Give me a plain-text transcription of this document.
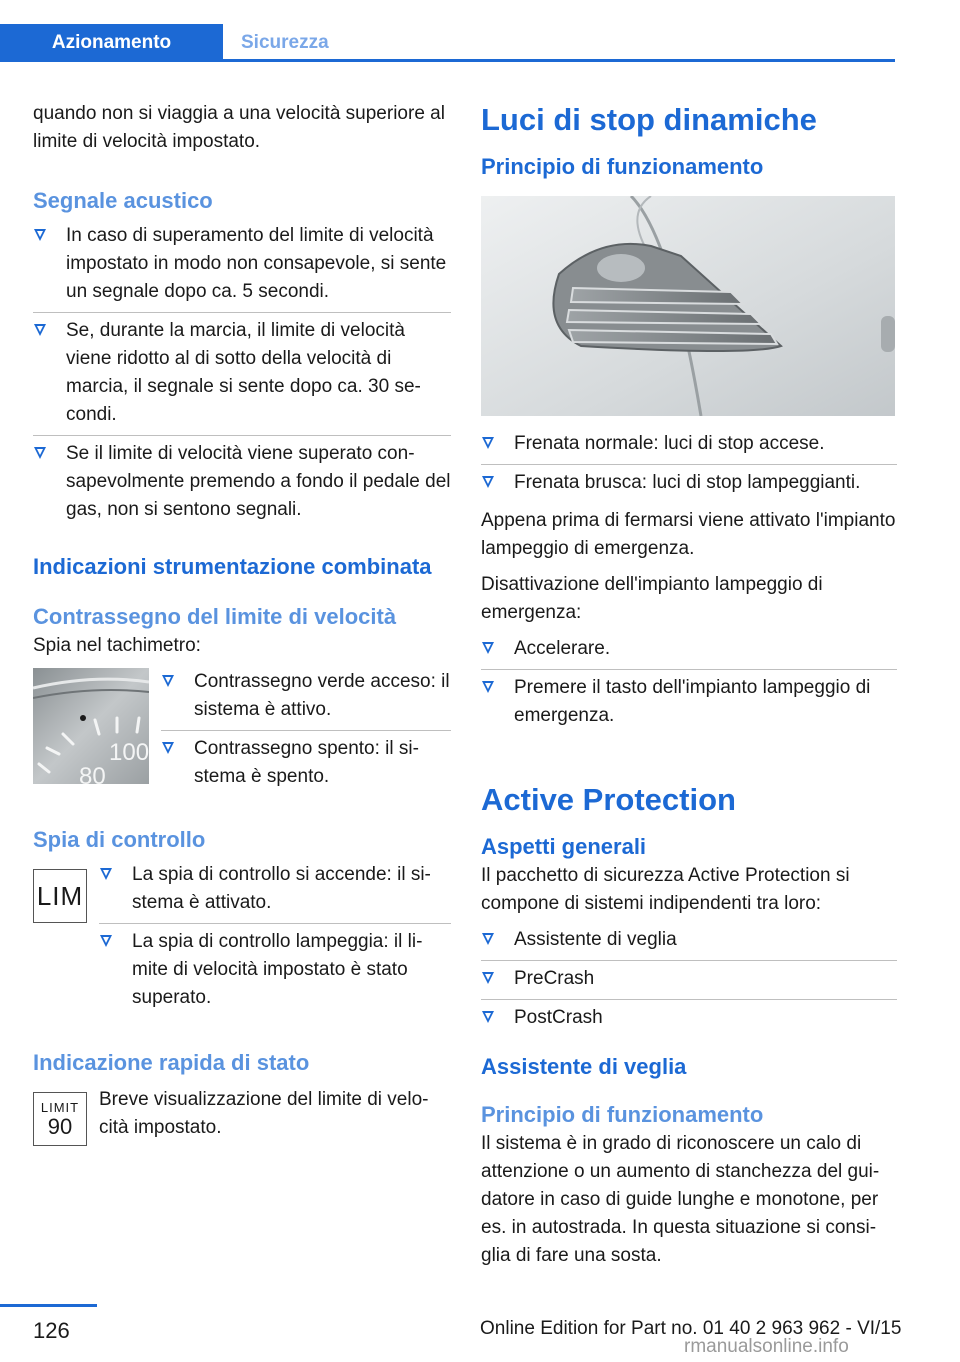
Azionamento	Sicurezza

quando non si viaggia a una velocità superiore al limite di velocità impostato.

Segnale acustico
In caso di superamento del limite di velocità impostato in modo non consapevole, si sente un segnale dopo ca. 5 secondi.
Se, durante la marcia, il limite di velocità viene ridotto al di sotto della velocità di marcia, il segnale si sente dopo ca. 30 secondi.
Se il limite di velocità viene superato consapevolmente premendo a fondo il pedale del gas, non si sentono segnali.
Indicazioni strumentazione combinata
Contrassegno del limite di velocità

Spia nel tachimetro:

100
80
Contrassegno verde acceso: il sistema è attivo.
Contrassegno spento: il sistema è spento.
Spia di controllo
LIM
La spia di controllo si accende: il sistema è attivato.
La spia di controllo lampeggia: il limite di velocità impostato è stato superato.
Indicazione rapida di stato
LIMIT
90

Breve visualizzazione del limite di velocità impostato.

Luci di stop dinamiche
Principio di funzionamento
Frenata normale: luci di stop accese.
Frenata brusca: luci di stop lampeggianti.

Appena prima di fermarsi viene attivato l'impianto lampeggio di emergenza.

Disattivazione dell'impianto lampeggio di emergenza:

Accelerare.
Premere il tasto dell'impianto lampeggio di emergenza.
Active Protection
Aspetti generali

Il pacchetto di sicurezza Active Protection si compone di sistemi indipendenti tra loro:

Assistente di veglia
PreCrash
PostCrash
Assistente di veglia
Principio di funzionamento

Il sistema è in grado di riconoscere un calo di attenzione o un aumento di stanchezza del guidatore in caso di guide lunghe e monotone, per es. in autostrada. In questa situazione si consiglia di fare una sosta.

126	Online Edition for Part no. 01 40 2 963 962 - VI/15
rmanualsonline.info
